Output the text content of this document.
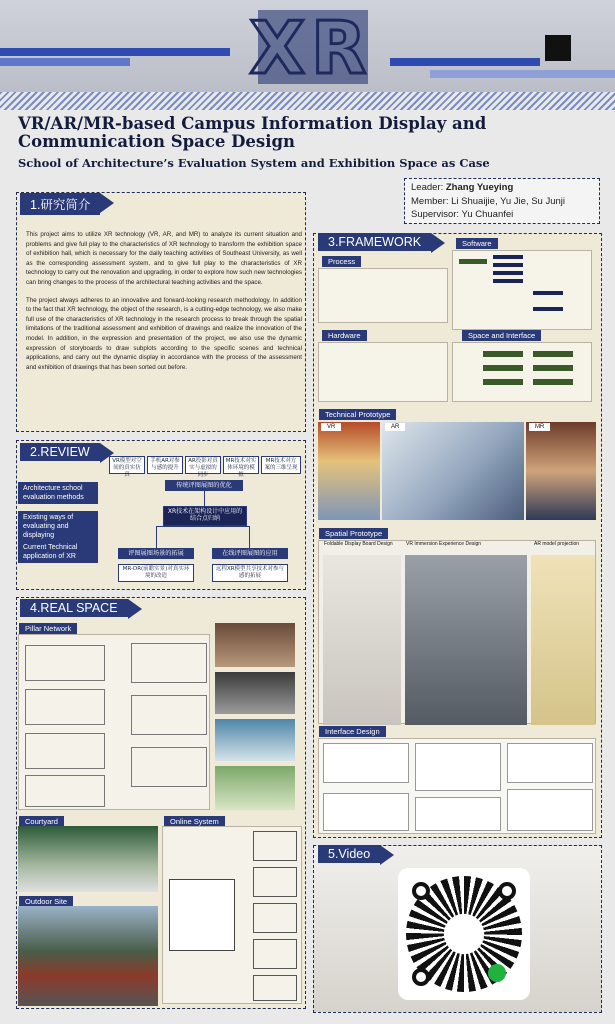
XR
VR/AR/MR-based Campus Information Display and Communication Space Design
School of Architecture’s Evaluation System and Exhibition Space as Case
Leader: Zhang Yueying
Member: Li Shuaijie, Yu Jie, Su Junji
Supervisor: Yu Chuanfei
1.研究简介

This project aims to utilize XR technology (VR, AR, and MR) to analyze its current situation and problems and give full play to the characteristics of XR technology to transform the exhibition space of exhibition hall, which is necessary for the daily teaching activities of Southeast University, as well as the corresponding assessment system, and to give full play to the characteristics of XR technology to carry out the renovation and upgrading, in order to explore how such new technologies can bring changes to the process of the architectural teaching activities and the space.

The project always adheres to an innovative and forward-looking research methodology. In addition to the fact that XR technology, the object of the research, is a cutting-edge technology, we also make full use of the characteristics of XR technology in the research process to break through the spatial limitations of the traditional assessment and exhibition of drawings and realize the innovation of the model. In addition, in the expression and presentation of the project, we also use the dynamic expression of storyboards to draw subplots according to the specific scenes and technical applications, and carry out the dynamic display in accordance with the process of the assessment and exhibition of drawings that has been sorted out before.

2.REVIEW
Architecture school evaluation methods
Existing ways of evaluating and displaying
Current Technical application of XR
VR模型对空间的真实仿真
手机AR对参与感的提升
AR投影对真实与虚拟的同步
MR技术对实体环境的模拟
MR技术对方案的三维呈现
传统评图展图的优化
XR技术在架构设计中应用的结合点归纳
评图展图场景的拓展	在线评图展图的应用
MR-DR(前瞻实景)对真实环境的改造
远程XR模型共享技术对参与感的拓展
3.FRAMEWORK
Process
Software
Hardware	Space and Interface
Technical Prototype
VR	AR	MR
Spatial Prototype
Foldable Display Board Design	VR Immersion Experience Design	AR model projection
Interface Design
4.REAL SPACE
Pillar Network
Courtyard	Online System
Outdoor Site
5.Video
